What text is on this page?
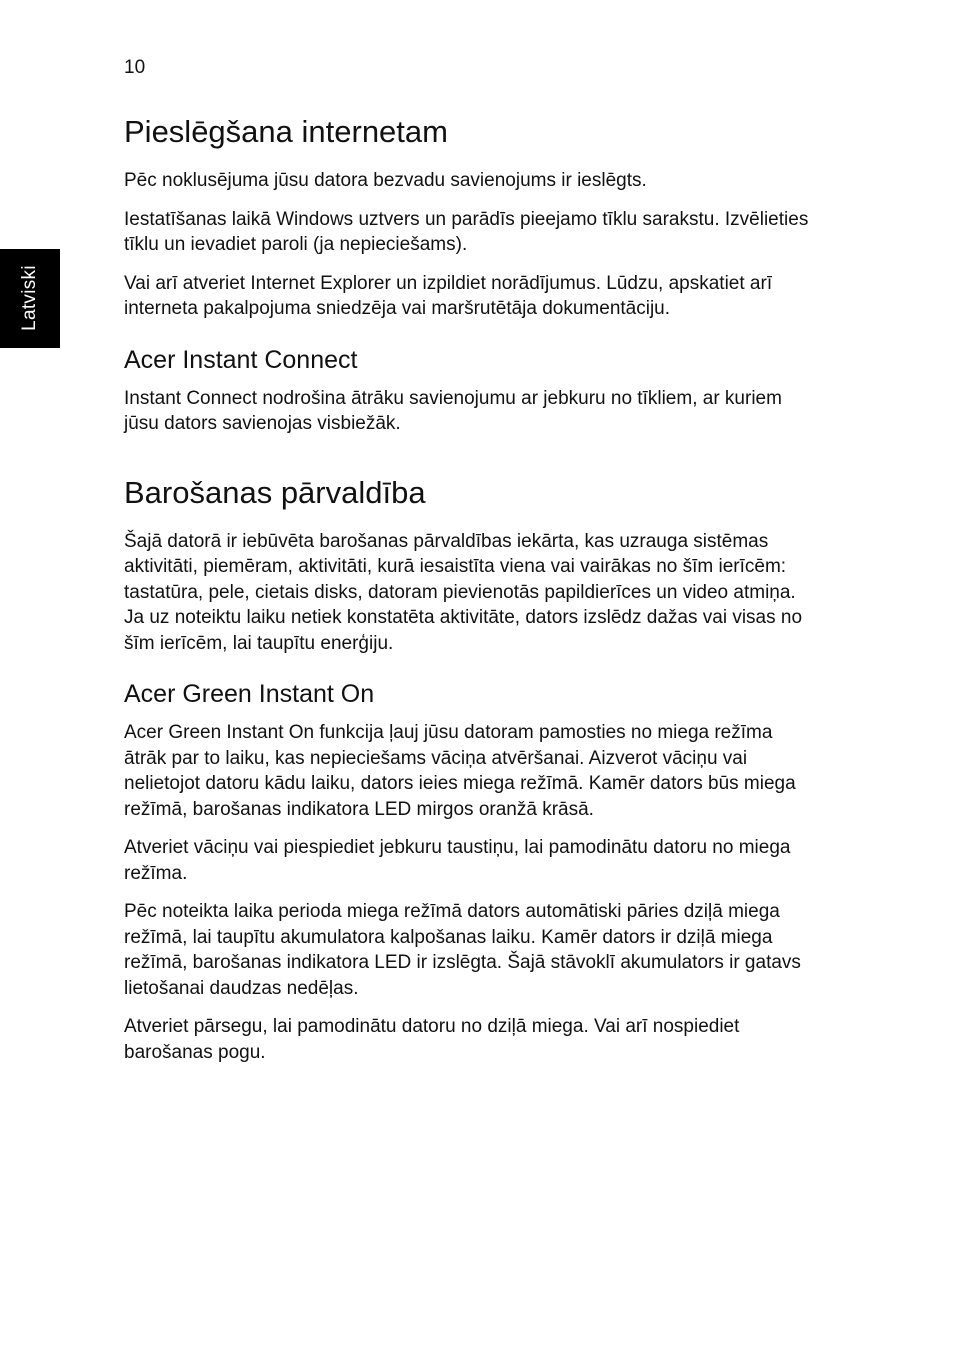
10
Latviski
Pieslēgšana internetam

Pēc noklusējuma jūsu datora bezvadu savienojums ir ieslēgts.

Iestatīšanas laikā Windows uztvers un parādīs pieejamo tīklu sarakstu. Izvēlieties tīklu un ievadiet paroli (ja nepieciešams).

Vai arī atveriet Internet Explorer un izpildiet norādījumus. Lūdzu, apskatiet arī interneta pakalpojuma sniedzēja vai maršrutētāja dokumentāciju.

Acer Instant Connect

Instant Connect nodrošina ātrāku savienojumu ar jebkuru no tīkliem, ar kuriem jūsu dators savienojas visbiežāk.

Barošanas pārvaldība

Šajā datorā ir iebūvēta barošanas pārvaldības iekārta, kas uzrauga sistēmas aktivitāti, piemēram, aktivitāti, kurā iesaistīta viena vai vairākas no šīm ierīcēm: tastatūra, pele, cietais disks, datoram pievienotās papildierīces un video atmiņa. Ja uz noteiktu laiku netiek konstatēta aktivitāte, dators izslēdz dažas vai visas no šīm ierīcēm, lai taupītu enerģiju.

Acer Green Instant On

Acer Green Instant On funkcija ļauj jūsu datoram pamosties no miega režīma ātrāk par to laiku, kas nepieciešams vāciņa atvēršanai. Aizverot vāciņu vai nelietojot datoru kādu laiku, dators ieies miega režīmā. Kamēr dators būs miega režīmā, barošanas indikatora LED mirgos oranžā krāsā.

Atveriet vāciņu vai piespiediet jebkuru taustiņu, lai pamodinātu datoru no miega režīma.

Pēc noteikta laika perioda miega režīmā dators automātiski pāries dziļā miega režīmā, lai taupītu akumulatora kalpošanas laiku. Kamēr dators ir dziļā miega režīmā, barošanas indikatora LED ir izslēgta. Šajā stāvoklī akumulators ir gatavs lietošanai daudzas nedēļas.

Atveriet pārsegu, lai pamodinātu datoru no dziļā miega. Vai arī nospiediet barošanas pogu.
